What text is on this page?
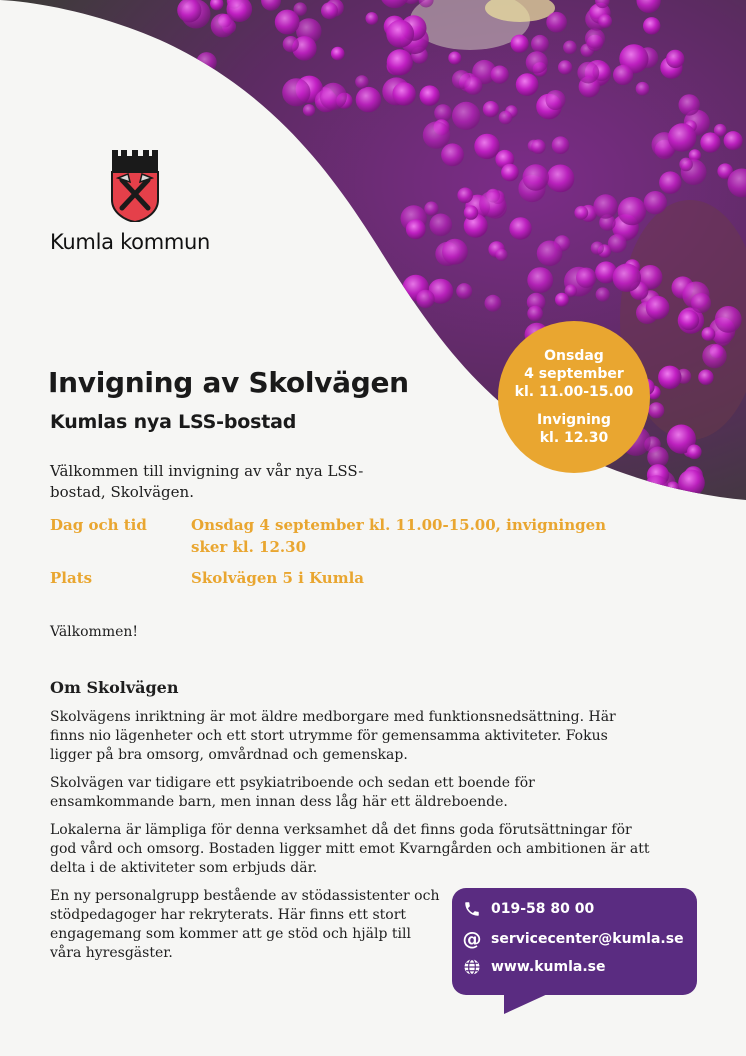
Kumla kommun
Onsdag
4 september
kl. 11.00-15.00
Invigning
kl. 12.30
Invigning av Skolvägen
Kumlas nya LSS-bostad

Välkommen till invigning av vår nya LSS-bostad, Skolvägen.

Dag och tid	Onsdag 4 september kl. 11.00-15.00, invigningen sker kl. 12.30
Plats	Skolvägen 5 i Kumla

Välkommen!

Om Skolvägen

Skolvägens inriktning är mot äldre medborgare med funktionsnedsättning. Här finns nio lägenheter och ett stort utrymme för gemensamma aktiviteter. Fokus ligger på bra omsorg, omvårdnad och gemenskap.

Skolvägen var tidigare ett psykiatriboende och sedan ett boende för ensamkommande barn, men innan dess låg här ett äldreboende.

Lokalerna är lämpliga för denna verksamhet då det finns goda förutsättningar för god vård och omsorg. Bostaden ligger mitt emot Kvarngården och ambitionen är att delta i de aktiviteter som erbjuds där.

En ny personalgrupp bestående av stödassistenter och stödpedagoger har rekryterats. Här finns ett stort engagemang som kommer att ge stöd och hjälp till våra hyresgäster.

019-58 80 00
@ servicecenter@kumla.se
www.kumla.se
